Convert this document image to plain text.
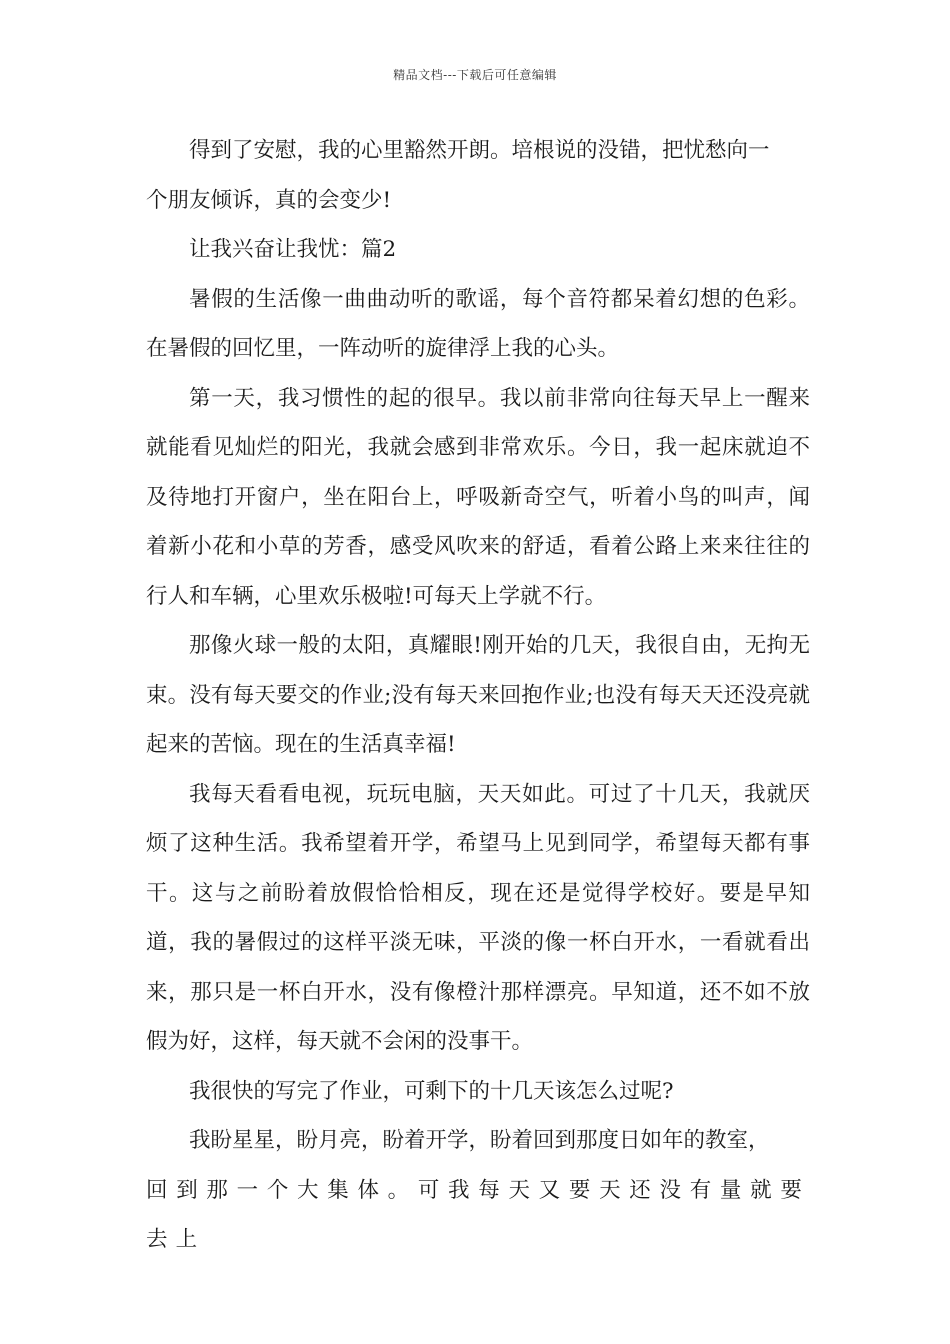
精品文档---下载后可任意编辑

得到了安慰，我的心里豁然开朗。培根说的没错，把忧愁向一

个朋友倾诉，真的会变少!

让我兴奋让我忧：篇2

暑假的生活像一曲曲动听的歌谣，每个音符都呆着幻想的色彩。在暑假的回忆里，一阵动听的旋律浮上我的心头。

第一天，我习惯性的起的很早。我以前非常向往每天早上一醒来就能看见灿烂的阳光，我就会感到非常欢乐。今日，我一起床就迫不及待地打开窗户，坐在阳台上，呼吸新奇空气，听着小鸟的叫声，闻着新小花和小草的芳香，感受风吹来的舒适，看着公路上来来往往的行人和车辆，心里欢乐极啦!可每天上学就不行。

那像火球一般的太阳，真耀眼!刚开始的几天，我很自由，无拘无束。没有每天要交的作业;没有每天来回抱作业;也没有每天天还没亮就起来的苦恼。现在的生活真幸福!

我每天看看电视，玩玩电脑，天天如此。可过了十几天，我就厌烦了这种生活。我希望着开学，希望马上见到同学，希望每天都有事干。这与之前盼着放假恰恰相反，现在还是觉得学校好。要是早知道，我的暑假过的这样平淡无味，平淡的像一杯白开水，一看就看出来，那只是一杯白开水，没有像橙汁那样漂亮。早知道，还不如不放假为好，这样，每天就不会闲的没事干。

我很快的写完了作业，可剩下的十几天该怎么过呢?

我盼星星，盼月亮，盼着开学，盼着回到那度日如年的教室，

回到那一个大集体。可我每天又要天还没有量就要去上
